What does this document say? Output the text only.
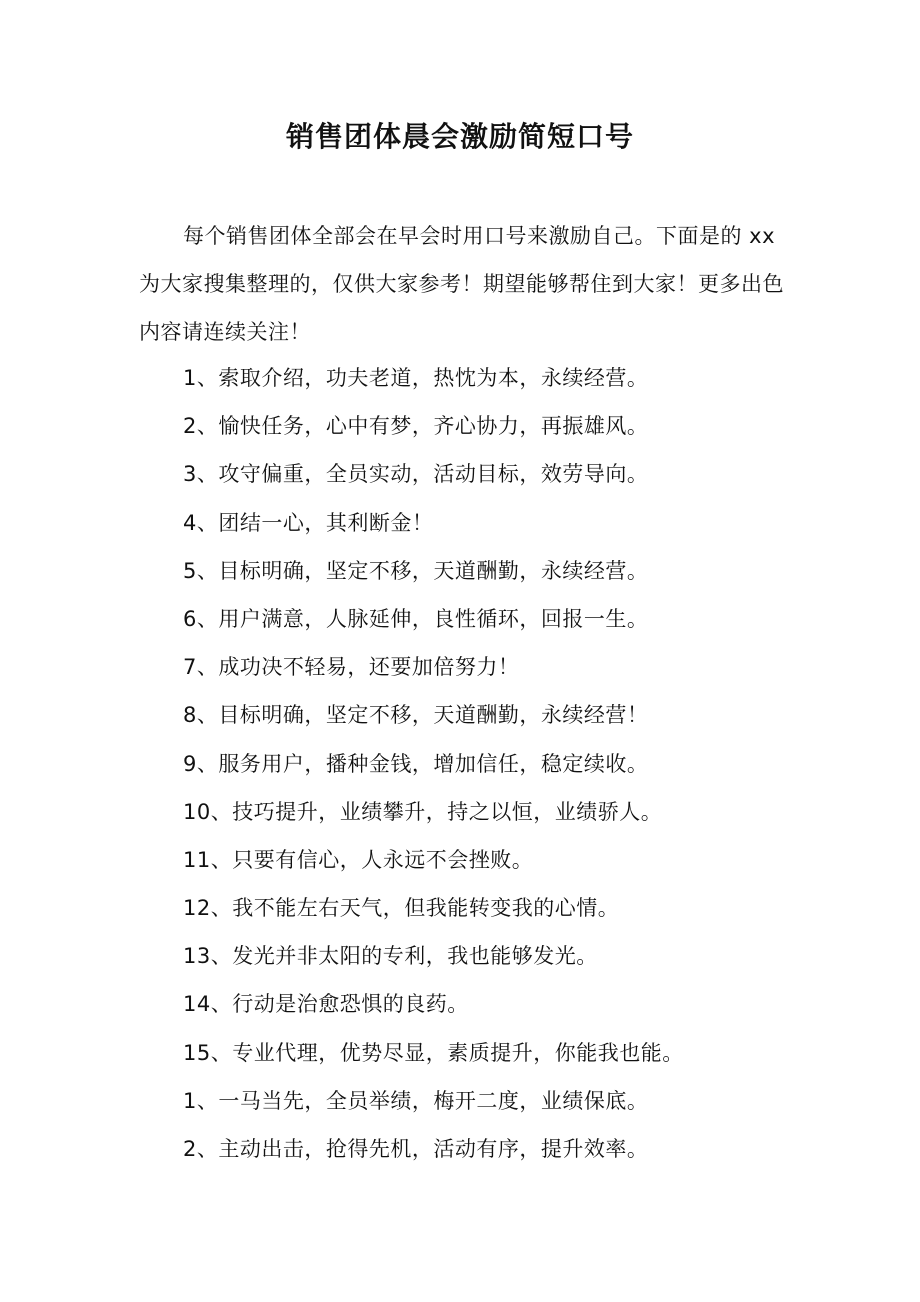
销售团体晨会激励简短口号

每个销售团体全部会在早会时用口号来激励自己。下面是的 xx 为大家搜集整理的，仅供大家参考！期望能够帮住到大家！更多出色内容请连续关注！

1、索取介绍，功夫老道，热忱为本，永续经营。
2、愉快任务，心中有梦，齐心协力，再振雄风。
3、攻守偏重，全员实动，活动目标，效劳导向。
4、团结一心，其利断金！
5、目标明确，坚定不移，天道酬勤，永续经营。
6、用户满意，人脉延伸，良性循环，回报一生。
7、成功决不轻易，还要加倍努力！
8、目标明确，坚定不移，天道酬勤，永续经营！
9、服务用户，播种金钱，增加信任，稳定续收。
10、技巧提升，业绩攀升，持之以恒，业绩骄人。
11、只要有信心，人永远不会挫败。
12、我不能左右天气，但我能转变我的心情。
13、发光并非太阳的专利，我也能够发光。
14、行动是治愈恐惧的良药。
15、专业代理，优势尽显，素质提升，你能我也能。
1、一马当先，全员举绩，梅开二度，业绩保底。
2、主动出击，抢得先机，活动有序，提升效率。
